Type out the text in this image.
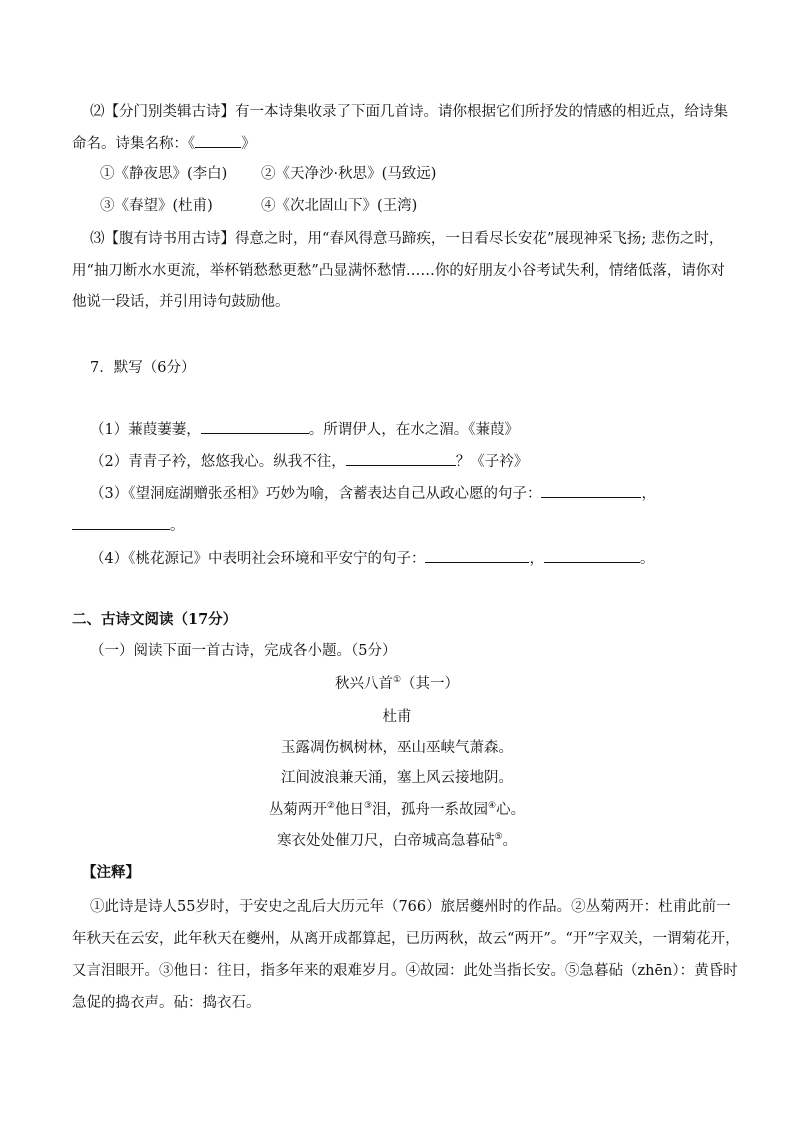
⑵【分门别类辑古诗】有一本诗集收录了下面几首诗。请你根据它们所抒发的情感的相近点，给诗集
命名。诗集名称：《	》
①《静夜思》(李白) ②《天净沙·秋思》(马致远)
③《春望》(杜甫)	④《次北固山下》(王湾)
⑶【腹有诗书用古诗】得意之时，用“春风得意马蹄疾，一日看尽长安花”展现神采飞扬; 悲伤之时，
用“抽刀断水水更流，举杯销愁愁更愁”凸显满怀愁情……你的好朋友小谷考试失利，情绪低落，请你对
他说一段话，并引用诗句鼓励他。
7．默写（6分）
（1）蒹葭萋萋，	。所谓伊人，在水之湄。《蒹葭》
（2）青青子衿，悠悠我心。纵我不往，	？《子衿》
（3）《望洞庭湖赠张丞相》巧妙为喻，含蓄表达自己从政心愿的句子：	，
。
（4）《桃花源记》中表明社会环境和平安宁的句子：	，	。
二、古诗文阅读（17分）
（一）阅读下面一首古诗，完成各小题。（5分）
秋兴八首①（其一）
杜甫
玉露凋伤枫树林，巫山巫峡气萧森。
江间波浪兼天涌，塞上风云接地阴。
丛菊两开②他日③泪，孤舟一系故园④心。
寒衣处处催刀尺，白帝城高急暮砧⑤。
【注释】
①此诗是诗人55岁时，于安史之乱后大历元年（766）旅居夔州时的作品。②丛菊两开：杜甫此前一
年秋天在云安，此年秋天在夔州，从离开成都算起，已历两秋，故云“两开”。“开”字双关，一谓菊花开，
又言泪眼开。③他日：往日，指多年来的艰难岁月。④故园：此处当指长安。⑤急暮砧（zhēn）：黄昏时
急促的捣衣声。砧：捣衣石。
